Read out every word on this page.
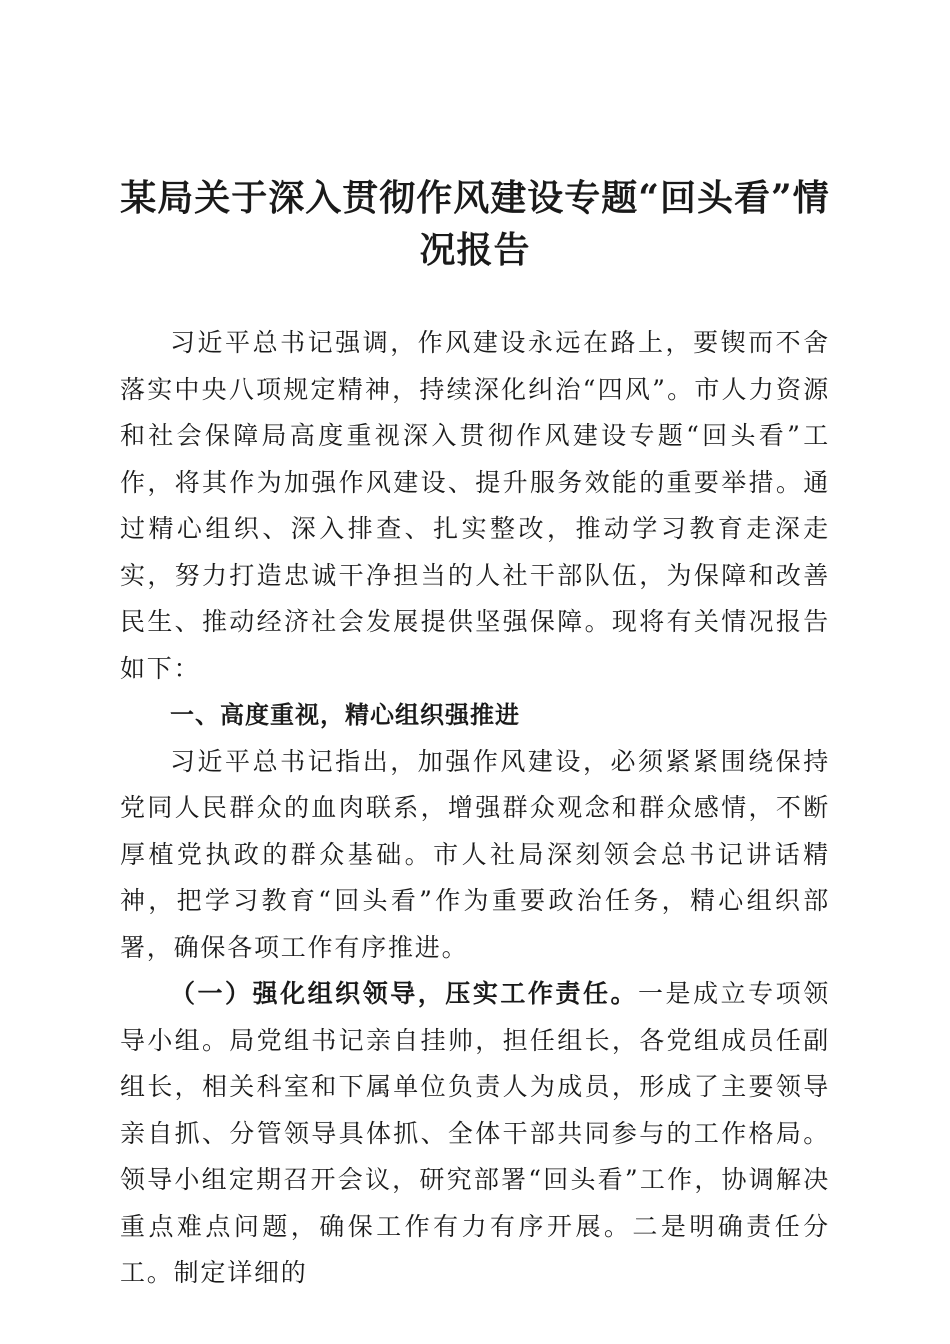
某局关于深入贯彻作风建设专题“回头看”情况报告

习近平总书记强调，作风建设永远在路上，要锲而不舍落实中央八项规定精神，持续深化纠治“四风”。市人力资源和社会保障局高度重视深入贯彻作风建设专题“回头看”工作，将其作为加强作风建设、提升服务效能的重要举措。通过精心组织、深入排查、扎实整改，推动学习教育走深走实，努力打造忠诚干净担当的人社干部队伍，为保障和改善民生、推动经济社会发展提供坚强保障。现将有关情况报告如下：

一、高度重视，精心组织强推进

习近平总书记指出，加强作风建设，必须紧紧围绕保持党同人民群众的血肉联系，增强群众观念和群众感情，不断厚植党执政的群众基础。市人社局深刻领会总书记讲话精神，把学习教育“回头看”作为重要政治任务，精心组织部署，确保各项工作有序推进。

（一）强化组织领导，压实工作责任。一是成立专项领导小组。局党组书记亲自挂帅，担任组长，各党组成员任副组长，相关科室和下属单位负责人为成员，形成了主要领导亲自抓、分管领导具体抓、全体干部共同参与的工作格局。领导小组定期召开会议，研究部署“回头看”工作，协调解决重点难点问题，确保工作有力有序开展。二是明确责任分工。制定详细的
